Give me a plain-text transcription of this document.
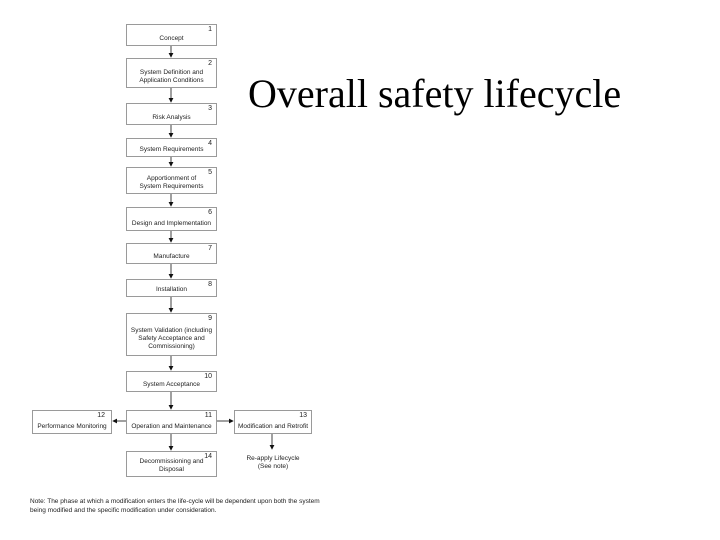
Overall safety lifecycle
1
Concept
2
System Definition and
Application Conditions
3
Risk Analysis
4
System Requirements
5
Apportionment of
System Requirements
6
Design and Implementation
7
Manufacture
8
Installation
9
System Validation (including
Safety Acceptance and
Commissioning)
10
System Acceptance
11
Operation and Maintenance
12
Performance Monitoring
13
Modification and Retrofit
14
Decommissioning and Disposal
Re-apply Lifecycle
(See note)
Note: The phase at which a modification enters the life-cycle will be dependent upon both the system being modified and the specific modification under consideration.
